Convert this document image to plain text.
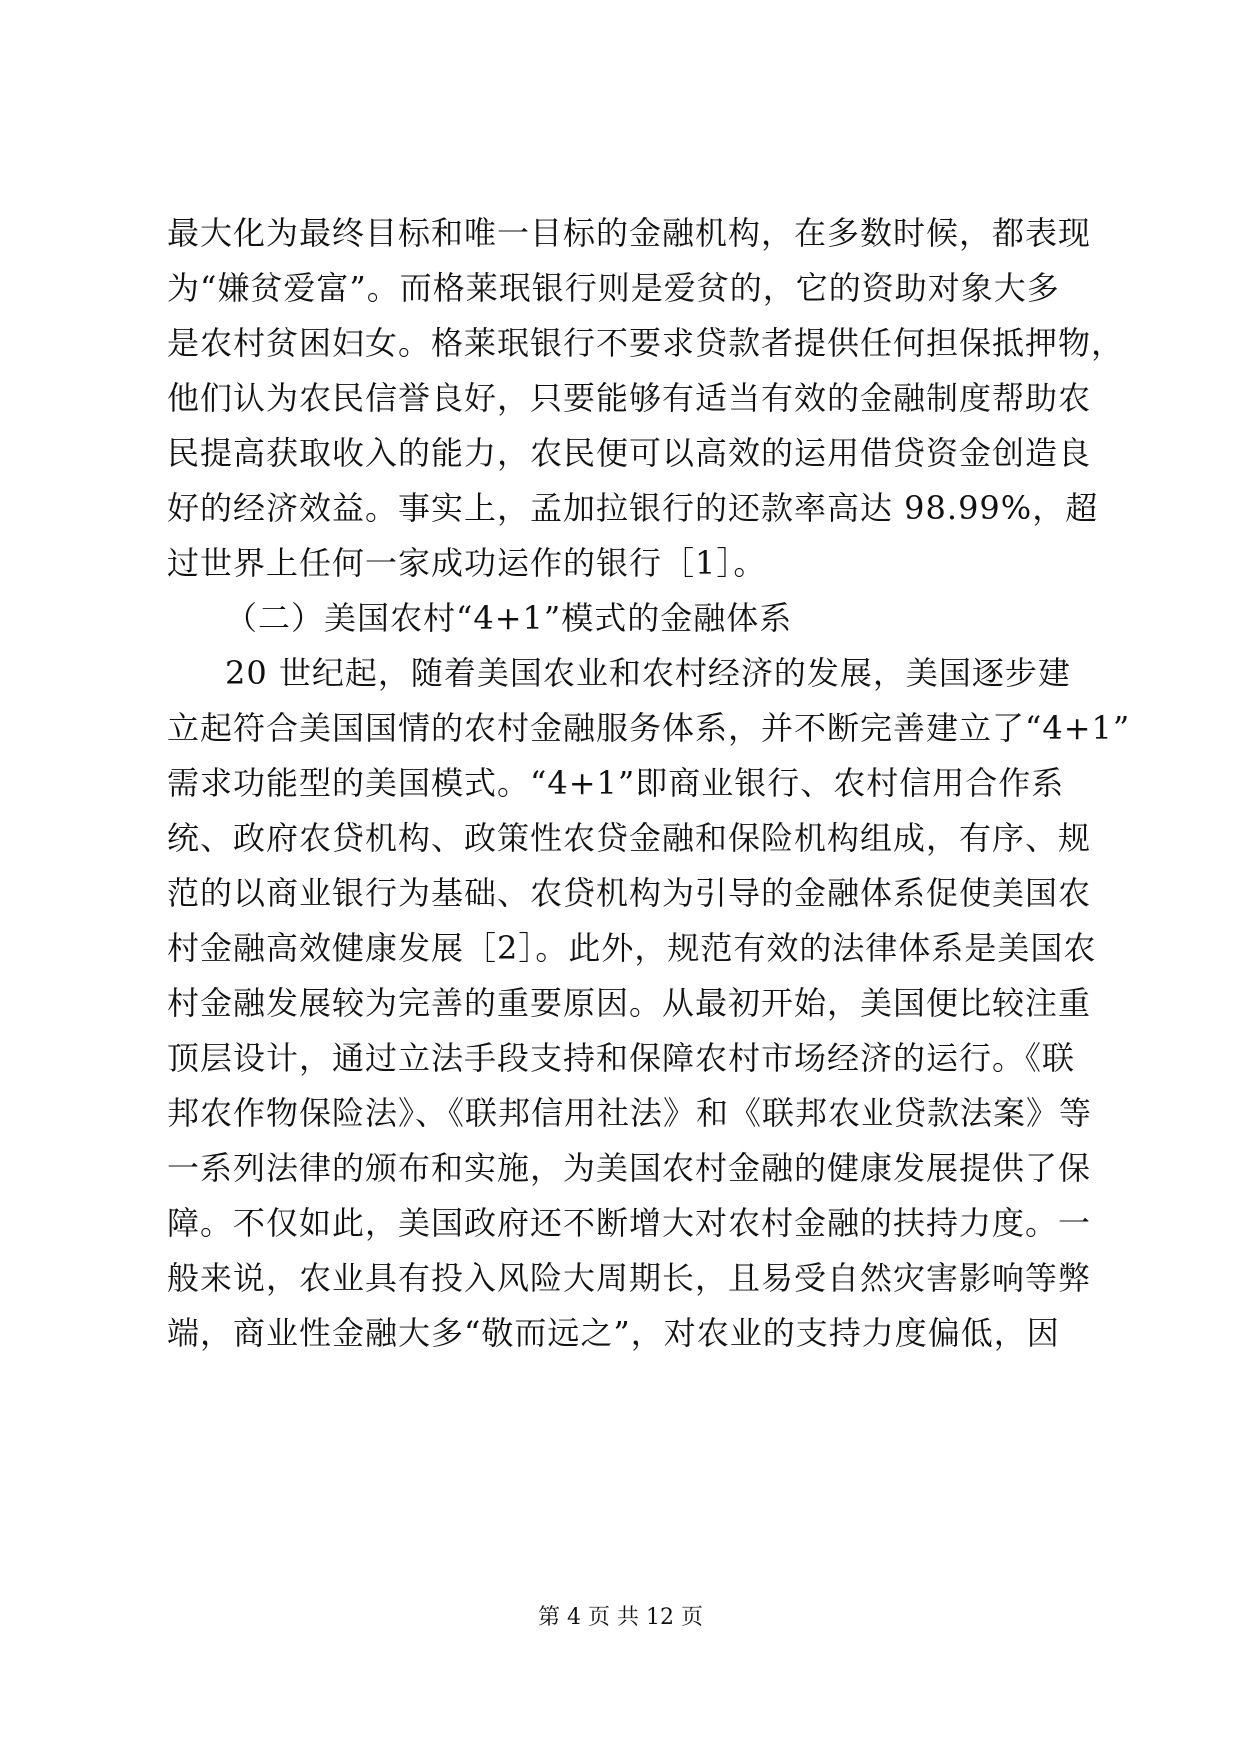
最大化为最终目标和唯一目标的金融机构，在多数时候，都表现
为“嫌贫爱富”。而格莱珉银行则是爱贫的，它的资助对象大多
是农村贫困妇女。格莱珉银行不要求贷款者提供任何担保抵押物，
他们认为农民信誉良好，只要能够有适当有效的金融制度帮助农
民提高获取收入的能力，农民便可以高效的运用借贷资金创造良
好的经济效益。事实上，孟加拉银行的还款率高达 98.99%，超
过世界上任何一家成功运作的银行［1］。
（二）美国农村“4+1”模式的金融体系
20 世纪起，随着美国农业和农村经济的发展，美国逐步建
立起符合美国国情的农村金融服务体系，并不断完善建立了“4+1”
需求功能型的美国模式。“4+1”即商业银行、农村信用合作系
统、政府农贷机构、政策性农贷金融和保险机构组成，有序、规
范的以商业银行为基础、农贷机构为引导的金融体系促使美国农
村金融高效健康发展［2］。此外，规范有效的法律体系是美国农
村金融发展较为完善的重要原因。从最初开始，美国便比较注重
顶层设计，通过立法手段支持和保障农村市场经济的运行。《联
邦农作物保险法》、《联邦信用社法》和《联邦农业贷款法案》等
一系列法律的颁布和实施，为美国农村金融的健康发展提供了保
障。不仅如此，美国政府还不断增大对农村金融的扶持力度。一
般来说，农业具有投入风险大周期长，且易受自然灾害影响等弊
端，商业性金融大多“敬而远之”，对农业的支持力度偏低，因
第 4 页 共 12 页
